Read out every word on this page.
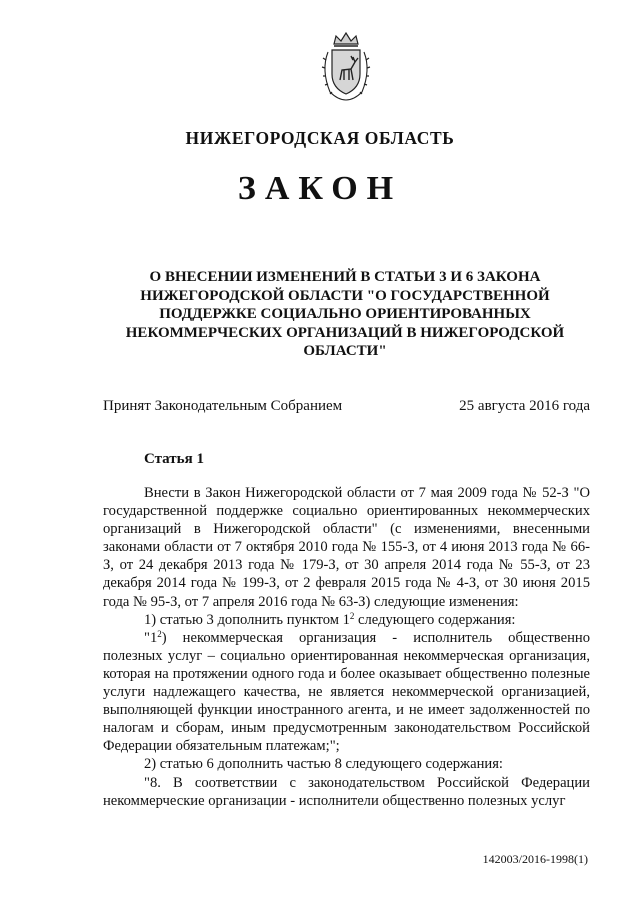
НИЖЕГОРОДСКАЯ ОБЛАСТЬ
ЗАКОН
О ВНЕСЕНИИ ИЗМЕНЕНИЙ В СТАТЬИ 3 И 6 ЗАКОНА
НИЖЕГОРОДСКОЙ ОБЛАСТИ "О ГОСУДАРСТВЕННОЙ
ПОДДЕРЖКЕ СОЦИАЛЬНО ОРИЕНТИРОВАННЫХ
НЕКОММЕРЧЕСКИХ ОРГАНИЗАЦИЙ В НИЖЕГОРОДСКОЙ
ОБЛАСТИ"
Принят Законодательным Собранием	25 августа 2016 года
Статья 1

Внести в Закон Нижегородской области от 7 мая 2009 года № 52-З "О государственной поддержке социально ориентированных некоммерческих организаций в Нижегородской области" (с изменениями, внесенными законами области от 7 октября 2010 года № 155-З, от 4 июня 2013 года № 66-З, от 24 декабря 2013 года № 179-З, от 30 апреля 2014 года № 55-З, от 23 декабря 2014 года № 199-З, от 2 февраля 2015 года № 4-З, от 30 июня 2015 года № 95-З, от 7 апреля 2016 года № 63-З) следующие изменения:

1) статью 3 дополнить пунктом $1^2$ следующего содержания:

"$1^2$) некоммерческая организация - исполнитель общественно полезных услуг – социально ориентированная некоммерческая организация, которая на протяжении одного года и более оказывает общественно полезные услуги надлежащего качества, не является некоммерческой организацией, выполняющей функции иностранного агента, и не имеет задолженностей по налогам и сборам, иным предусмотренным законодательством Российской Федерации обязательным платежам;";

2) статью 6 дополнить частью 8 следующего содержания:

"8. В соответствии с законодательством Российской Федерации некоммерческие организации - исполнители общественно полезных услуг

142003/2016-1998(1)
